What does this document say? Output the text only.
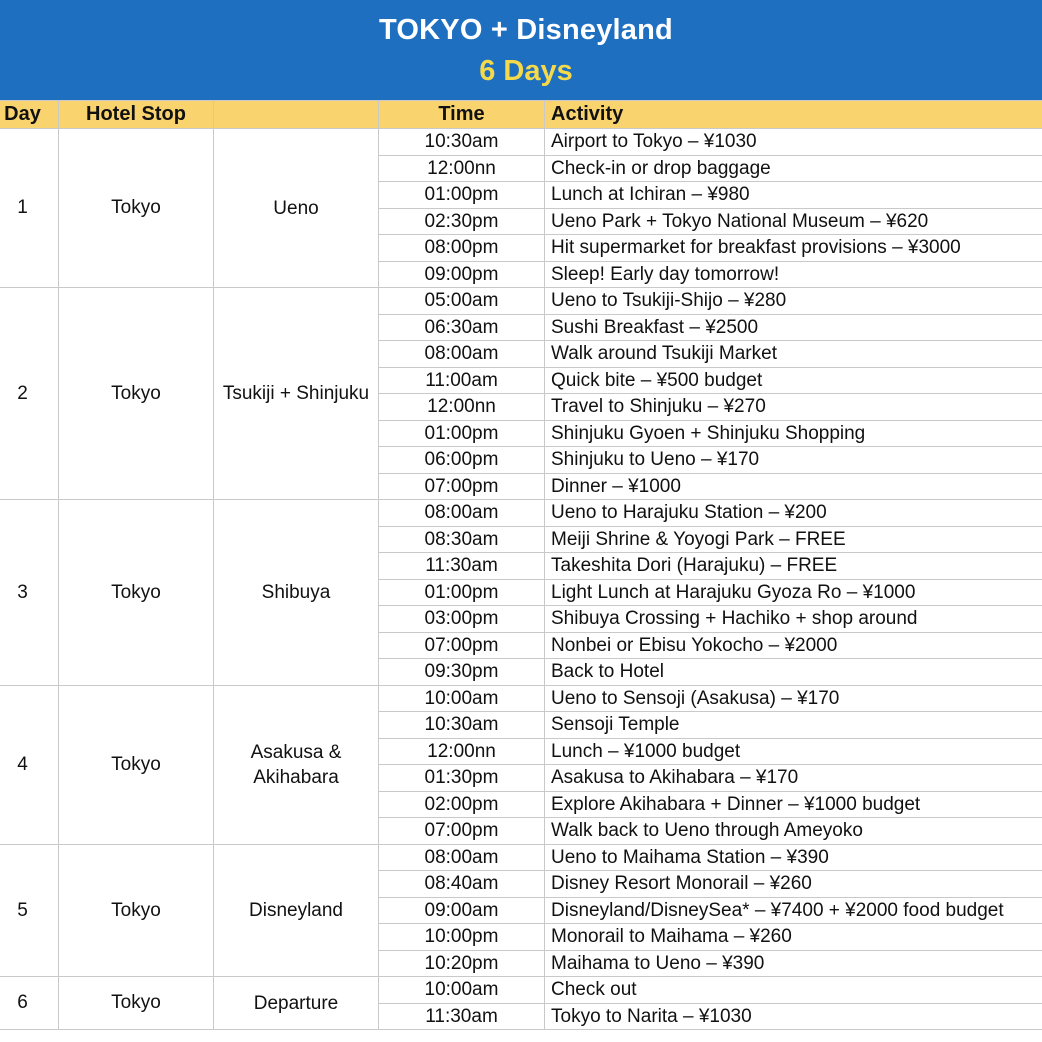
TOKYO + Disneyland
6 Days
Day	Hotel Stop		Time	Activity
1	Tokyo	Ueno	10:30am	Airport to Tokyo – ¥1030
			12:00nn	Check-in or drop baggage
			01:00pm	Lunch at Ichiran – ¥980
			02:30pm	Ueno Park + Tokyo National Museum – ¥620
			08:00pm	Hit supermarket for breakfast provisions – ¥3000
			09:00pm	Sleep! Early day tomorrow!
2	Tokyo	Tsukiji + Shinjuku	05:00am	Ueno to Tsukiji-Shijo – ¥280
			06:30am	Sushi Breakfast – ¥2500
			08:00am	Walk around Tsukiji Market
			11:00am	Quick bite – ¥500 budget
			12:00nn	Travel to Shinjuku – ¥270
			01:00pm	Shinjuku Gyoen + Shinjuku Shopping
			06:00pm	Shinjuku to Ueno – ¥170
			07:00pm	Dinner – ¥1000
3	Tokyo	Shibuya	08:00am	Ueno to Harajuku Station – ¥200
			08:30am	Meiji Shrine & Yoyogi Park – FREE
			11:30am	Takeshita Dori (Harajuku) – FREE
			01:00pm	Light Lunch at Harajuku Gyoza Ro – ¥1000
			03:00pm	Shibuya Crossing + Hachiko + shop around
			07:00pm	Nonbei or Ebisu Yokocho – ¥2000
			09:30pm	Back to Hotel
4	Tokyo	Asakusa & Akihabara	10:00am	Ueno to Sensoji (Asakusa) – ¥170
			10:30am	Sensoji Temple
			12:00nn	Lunch – ¥1000 budget
			01:30pm	Asakusa to Akihabara – ¥170
			02:00pm	Explore Akihabara + Dinner – ¥1000 budget
			07:00pm	Walk back to Ueno through Ameyoko
5	Tokyo	Disneyland	08:00am	Ueno to Maihama Station – ¥390
			08:40am	Disney Resort Monorail – ¥260
			09:00am	Disneyland/DisneySea* – ¥7400 + ¥2000 food budget
			10:00pm	Monorail to Maihama – ¥260
			10:20pm	Maihama to Ueno – ¥390
6	Tokyo	Departure	10:00am	Check out
			11:30am	Tokyo to Narita – ¥1030
